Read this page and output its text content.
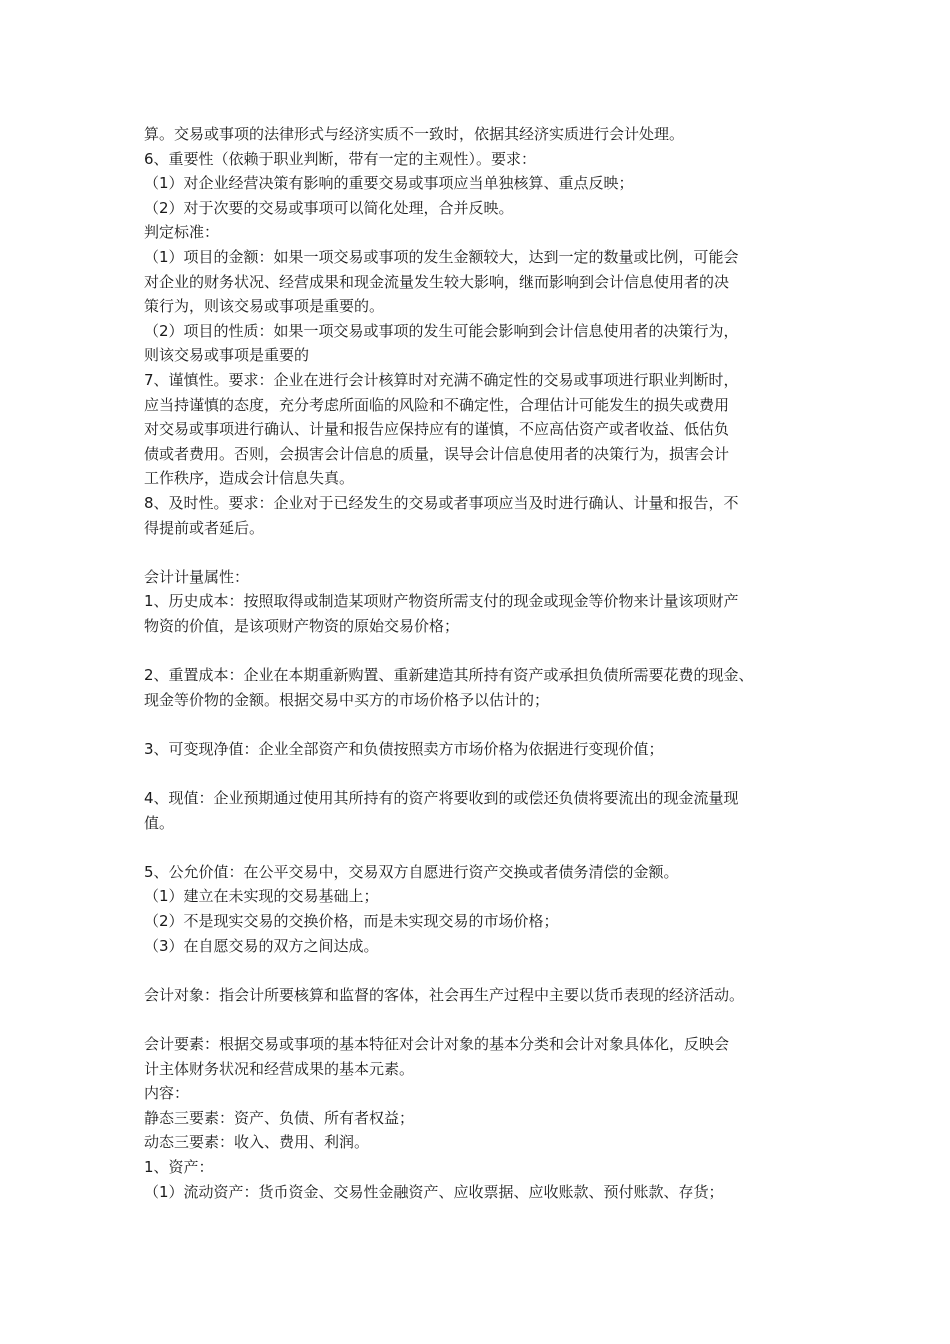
算。交易或事项的法律形式与经济实质不一致时，依据其经济实质进行会计处理。

6、重要性（依赖于职业判断，带有一定的主观性）。要求：

（1）对企业经营决策有影响的重要交易或事项应当单独核算、重点反映；

（2）对于次要的交易或事项可以简化处理，合并反映。

判定标准：

（1）项目的金额：如果一项交易或事项的发生金额较大，达到一定的数量或比例，可能会

对企业的财务状况、经营成果和现金流量发生较大影响，继而影响到会计信息使用者的决

策行为，则该交易或事项是重要的。

（2）项目的性质：如果一项交易或事项的发生可能会影响到会计信息使用者的决策行为，

则该交易或事项是重要的

7、谨慎性。要求：企业在进行会计核算时对充满不确定性的交易或事项进行职业判断时，

应当持谨慎的态度，充分考虑所面临的风险和不确定性，合理估计可能发生的损失或费用

对交易或事项进行确认、计量和报告应保持应有的谨慎，不应高估资产或者收益、低估负

债或者费用。否则，会损害会计信息的质量，误导会计信息使用者的决策行为，损害会计

工作秩序，造成会计信息失真。

8、及时性。要求：企业对于已经发生的交易或者事项应当及时进行确认、计量和报告，不

得提前或者延后。

会计计量属性：

1、历史成本：按照取得或制造某项财产物资所需支付的现金或现金等价物来计量该项财产

物资的价值，是该项财产物资的原始交易价格；

2、重置成本：企业在本期重新购置、重新建造其所持有资产或承担负债所需要花费的现金、

现金等价物的金额。根据交易中买方的市场价格予以估计的；

3、可变现净值：企业全部资产和负债按照卖方市场价格为依据进行变现价值；

4、现值：企业预期通过使用其所持有的资产将要收到的或偿还负债将要流出的现金流量现

值。

5、公允价值：在公平交易中，交易双方自愿进行资产交换或者债务清偿的金额。

（1）建立在未实现的交易基础上；

（2）不是现实交易的交换价格，而是未实现交易的市场价格；

（3）在自愿交易的双方之间达成。

会计对象：指会计所要核算和监督的客体，社会再生产过程中主要以货币表现的经济活动。

会计要素：根据交易或事项的基本特征对会计对象的基本分类和会计对象具体化，反映会

计主体财务状况和经营成果的基本元素。

内容：

静态三要素：资产、负债、所有者权益；

动态三要素：收入、费用、利润。

1、资产：

（1）流动资产：货币资金、交易性金融资产、应收票据、应收账款、预付账款、存货；
